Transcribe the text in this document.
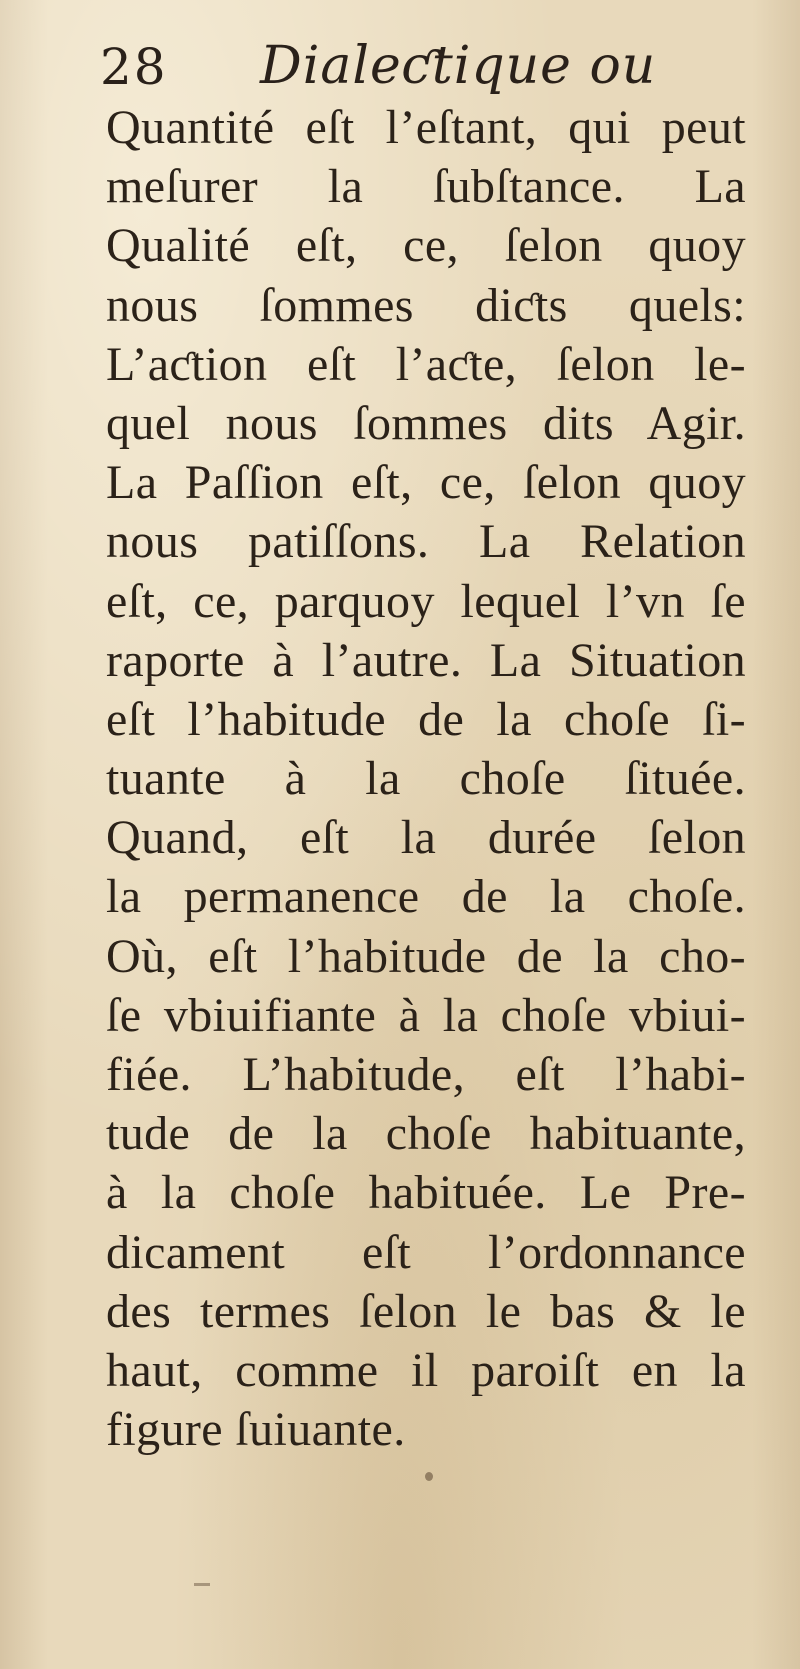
28 Dialeƈtique ou
Quantité eſt l’eſtant, qui peut
meſurer la ſubſtance. La
Qualité eſt, ce, ſelon quoy
nous ſommes diƈts quels:
L’aƈtion eſt l’aƈte, ſelon le-
quel nous ſommes dits Agir.
La Paſſion eſt, ce, ſelon quoy
nous patiſſons. La Relation
eſt, ce, parquoy lequel l’vn ſe
raporte à l’autre. La Situation
eſt l’habitude de la choſe ſi-
tuante à la choſe ſituée.
Quand, eſt la durée ſelon
la permanence de la choſe.
Où, eſt l’habitude de la cho-
ſe vbiuifiante à la choſe vbiui-
fiée. L’habitude, eſt l’habi-
tude de la choſe habituante,
à la choſe habituée. Le Pre-
dicament eſt l’ordonnance
des termes ſelon le bas & le
haut, comme il paroiſt en la
figure ſuiuante.
